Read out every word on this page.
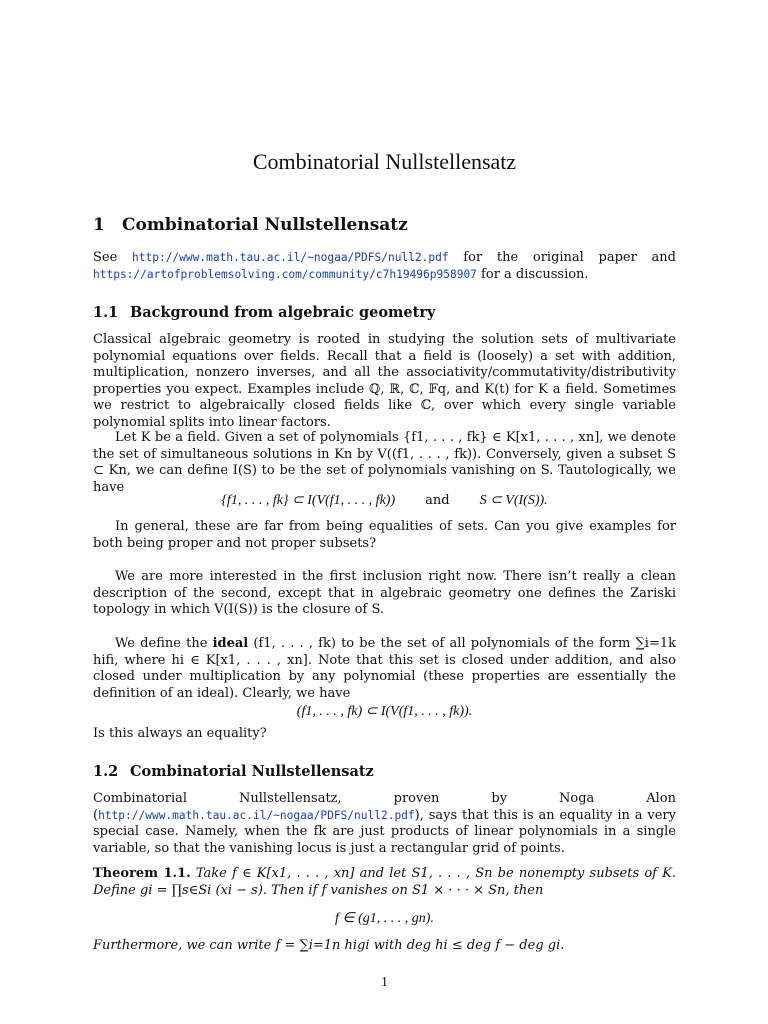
Combinatorial Nullstellensatz
1 Combinatorial Nullstellensatz
See http://www.math.tau.ac.il/~nogaa/PDFS/null2.pdf for the original paper and https://artofproblemsolving.com/community/c7h19496p958907 for a discussion.
1.1 Background from algebraic geometry
Classical algebraic geometry is rooted in studying the solution sets of multivariate polynomial equations over fields. Recall that a field is (loosely) a set with addition, multiplication, nonzero inverses, and all the associativity/commutativity/distributivity properties you expect. Examples include ℚ, ℝ, ℂ, 𝔽q, and K(t) for K a field. Sometimes we restrict to algebraically closed fields like ℂ, over which every single variable polynomial splits into linear factors.
Let K be a field. Given a set of polynomials {f1, . . . , fk} ∈ K[x1, . . . , xn], we denote the set of simultaneous solutions in Kn by V((f1, . . . , fk)). Conversely, given a subset S ⊂ Kn, we can define I(S) to be the set of polynomials vanishing on S. Tautologically, we have
{f1, . . . , fk} ⊂ I(V(f1, . . . , fk)) and S ⊂ V(I(S)).
In general, these are far from being equalities of sets. Can you give examples for both being proper and not proper subsets?
We are more interested in the first inclusion right now. There isn’t really a clean description of the second, except that in algebraic geometry one defines the Zariski topology in which V(I(S)) is the closure of S.
We define the ideal (f1, . . . , fk) to be the set of all polynomials of the form ∑i=1k hifi, where hi ∈ K[x1, . . . , xn]. Note that this set is closed under addition, and also closed under multiplication by any polynomial (these properties are essentially the definition of an ideal). Clearly, we have
(f1, . . . , fk) ⊂ I(V(f1, . . . , fk)).
Is this always an equality?
1.2 Combinatorial Nullstellensatz
Combinatorial Nullstellensatz, proven by Noga Alon (http://www.math.tau.ac.il/~nogaa/PDFS/null2.pdf), says that this is an equality in a very special case. Namely, when the fk are just products of linear polynomials in a single variable, so that the vanishing locus is just a rectangular grid of points.
Theorem 1.1. Take f ∈ K[x1, . . . , xn] and let S1, . . . , Sn be nonempty subsets of K. Define gi = ∏s∈Si (xi − s). Then if f vanishes on S1 × · · · × Sn, then
f ∈ (g1, . . . , gn).
Furthermore, we can write f = ∑i=1n higi with deg hi ≤ deg f − deg gi.
1
